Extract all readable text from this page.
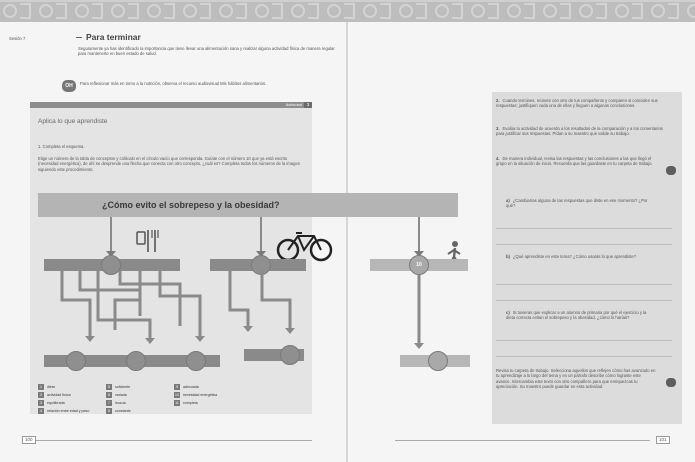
Sesión 7	Para terminar
Seguramente ya has identificado la importancia que tiene llevar una alimentación sana y realizar alguna actividad física de manera regular para mantenerte en buen estado de salud.
OH	Para reflexionar más en torno a la nutrición, observa el recurso audiovisual Mis hábitos alimentarios.
Actividad	3
Aplica lo que aprendiste
1. Completa el esquema.
Elige un número de la tabla de conceptos y colócalo en el círculo vacío que corresponda. Guíate con el número 10 que ya está escrito (necesidad energética), de ahí se desprende una flecha que conecta con otro concepto, ¿cuál es? Completa todos los números de la imagen siguiendo este procedimiento.
¿Cómo evito el sobrepeso y la obesidad?
10
1	dieta
2	actividad física
3	equilibrada
4	relación entre edad y peso
5	suficiente
6	variada
7	inocua
8	constante
9	adecuada
10 necesidad energética
11	completa
100
2. Cuando termines, reúnete con otro de tus compañeros y comparen si coinciden sus respuestas; justifiquen cada una de ellas y lleguen a algunas conclusiones.
3. Evalúa tu actividad de acuerdo a los resultados de la comparación y a los comentarios para justificar sus respuestas. Pídan a su maestro que valide su trabajo.
4. De manera individual, revisa las respuestas y las conclusiones a las que llegó el grupo en la situación de inicio. Recuerda que las guardaste en tu carpeta de trabajo.
a) ¿Cambiarías alguna de las respuestas que diste en ese momento? ¿Por qué?
b) ¿Qué aprendiste en este tema? ¿Cómo usarás lo que aprendiste?
c) Si tuvieras que explicar a un alumno de primaria por qué el ejercicio y la dieta correcta evitan el sobrepeso y la obesidad, ¿cómo lo harías?
Revisa tu carpeta de trabajo. Selecciona aquellos que reflejen cómo has avanzado en tu aprendizaje a lo largo del tema y en un párrafo describe cómo lograste este avance. Intercambia este texto con otro compañero para que enriquezcas tu apreciación. Su maestro puede guardar en esta actividad.
101
